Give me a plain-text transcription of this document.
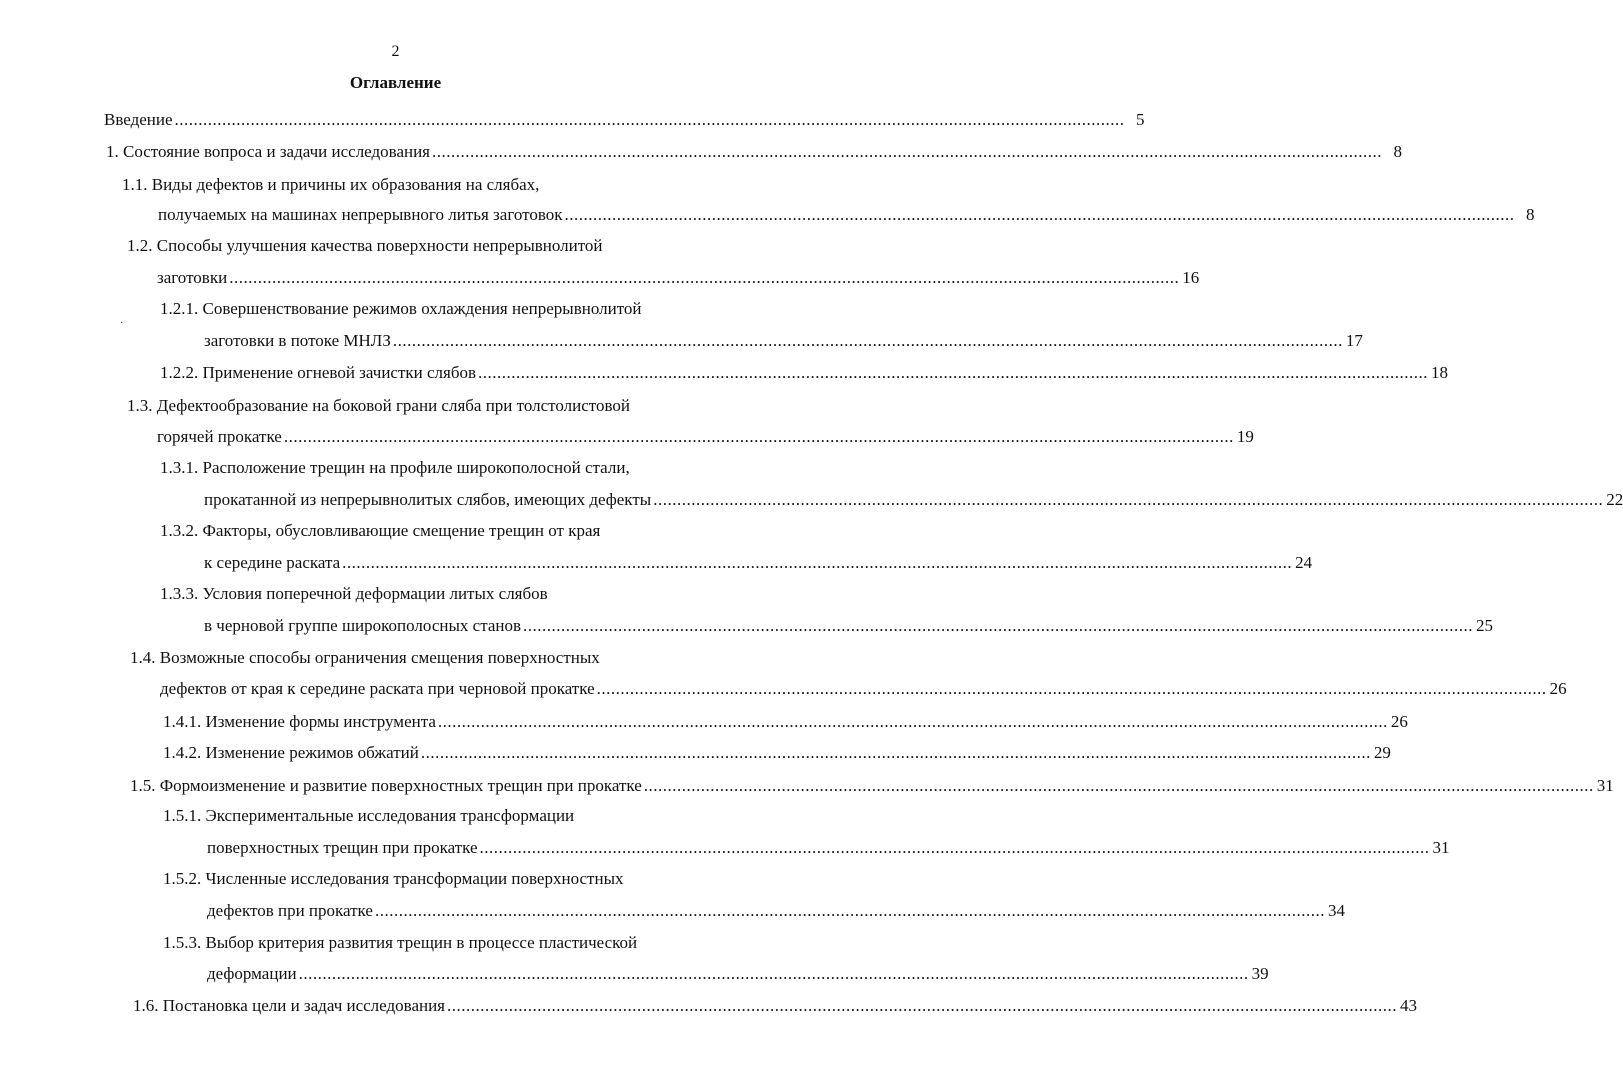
2
Оглавление
·
Введение ........................................................................................................................................................................................................ 5
1. Состояние вопроса и задачи исследования ........................................................................................................................................................................................................ 8
1.1. Виды дефектов и причины их образования на слябах,
получаемых на машинах непрерывного литья заготовок ........................................................................................................................................................................................................ 8
1.2. Способы улучшения качества поверхности непрерывнолитой
заготовки ........................................................................................................................................................................................................ 16
1.2.1. Совершенствование режимов охлаждения непрерывнолитой
заготовки в потоке МНЛЗ ........................................................................................................................................................................................................ 17
1.2.2. Применение огневой зачистки слябов ........................................................................................................................................................................................................ 18
1.3. Дефектообразование на боковой грани сляба при толстолистовой
горячей прокатке ........................................................................................................................................................................................................ 19
1.3.1. Расположение трещин на профиле широкополосной стали,
прокатанной из непрерывнолитых слябов, имеющих дефекты ........................................................................................................................................................................................................ 22
1.3.2. Факторы, обусловливающие смещение трещин от края
к середине раската ........................................................................................................................................................................................................ 24
1.3.3. Условия поперечной деформации литых слябов
в черновой группе широкополосных станов ........................................................................................................................................................................................................ 25
1.4. Возможные способы ограничения смещения поверхностных
дефектов от края к середине раската при черновой прокатке ........................................................................................................................................................................................................ 26
1.4.1. Изменение формы инструмента ........................................................................................................................................................................................................ 26
1.4.2. Изменение режимов обжатий ........................................................................................................................................................................................................ 29
1.5. Формоизменение и развитие поверхностных трещин при прокатке ........................................................................................................................................................................................................ 31
1.5.1. Экспериментальные исследования трансформации
поверхностных трещин при прокатке ........................................................................................................................................................................................................ 31
1.5.2. Численные исследования трансформации поверхностных
дефектов при прокатке ........................................................................................................................................................................................................ 34
1.5.3. Выбор критерия развития трещин в процессе пластической
деформации ........................................................................................................................................................................................................ 39
1.6. Постановка цели и задач исследования ........................................................................................................................................................................................................ 43
